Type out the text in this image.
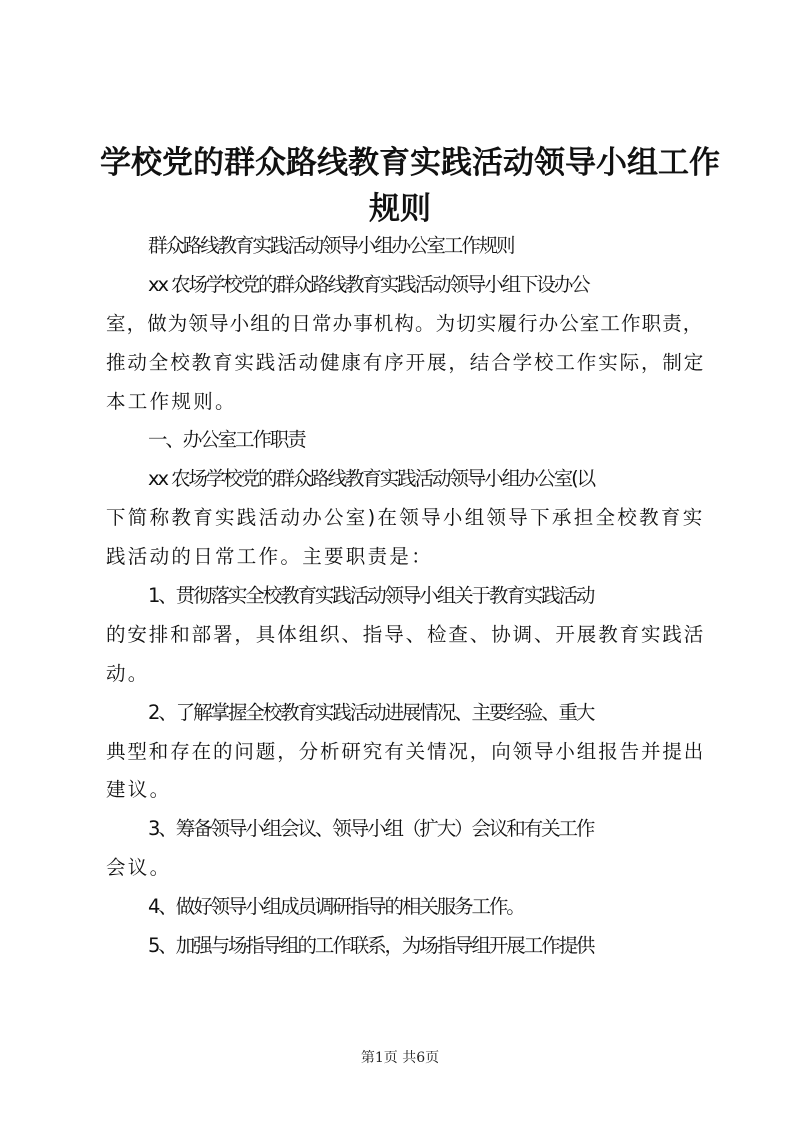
学校党的群众路线教育实践活动领导小组工作
规则
群众路线教育实践活动领导小组办公室工作规则
xx 农场学校党的群众路线教育实践活动领导小组下设办公
室，做为领导小组的日常办事机构。为切实履行办公室工作职责，
推动全校教育实践活动健康有序开展，结合学校工作实际，制定
本工作规则。
一、办公室工作职责
xx 农场学校党的群众路线教育实践活动领导小组办公室(以
下简称教育实践活动办公室)在领导小组领导下承担全校教育实
践活动的日常工作。主要职责是：
1、贯彻落实全校教育实践活动领导小组关于教育实践活动
的安排和部署，具体组织、指导、检查、协调、开展教育实践活
动。
2、了解掌握全校教育实践活动进展情况、主要经验、重大
典型和存在的问题，分析研究有关情况，向领导小组报告并提出
建议。
3、筹备领导小组会议、领导小组（扩大）会议和有关工作
会议。
4、做好领导小组成员调研指导的相关服务工作。
5、加强与场指导组的工作联系，为场指导组开展工作提供
第1页 共6页
